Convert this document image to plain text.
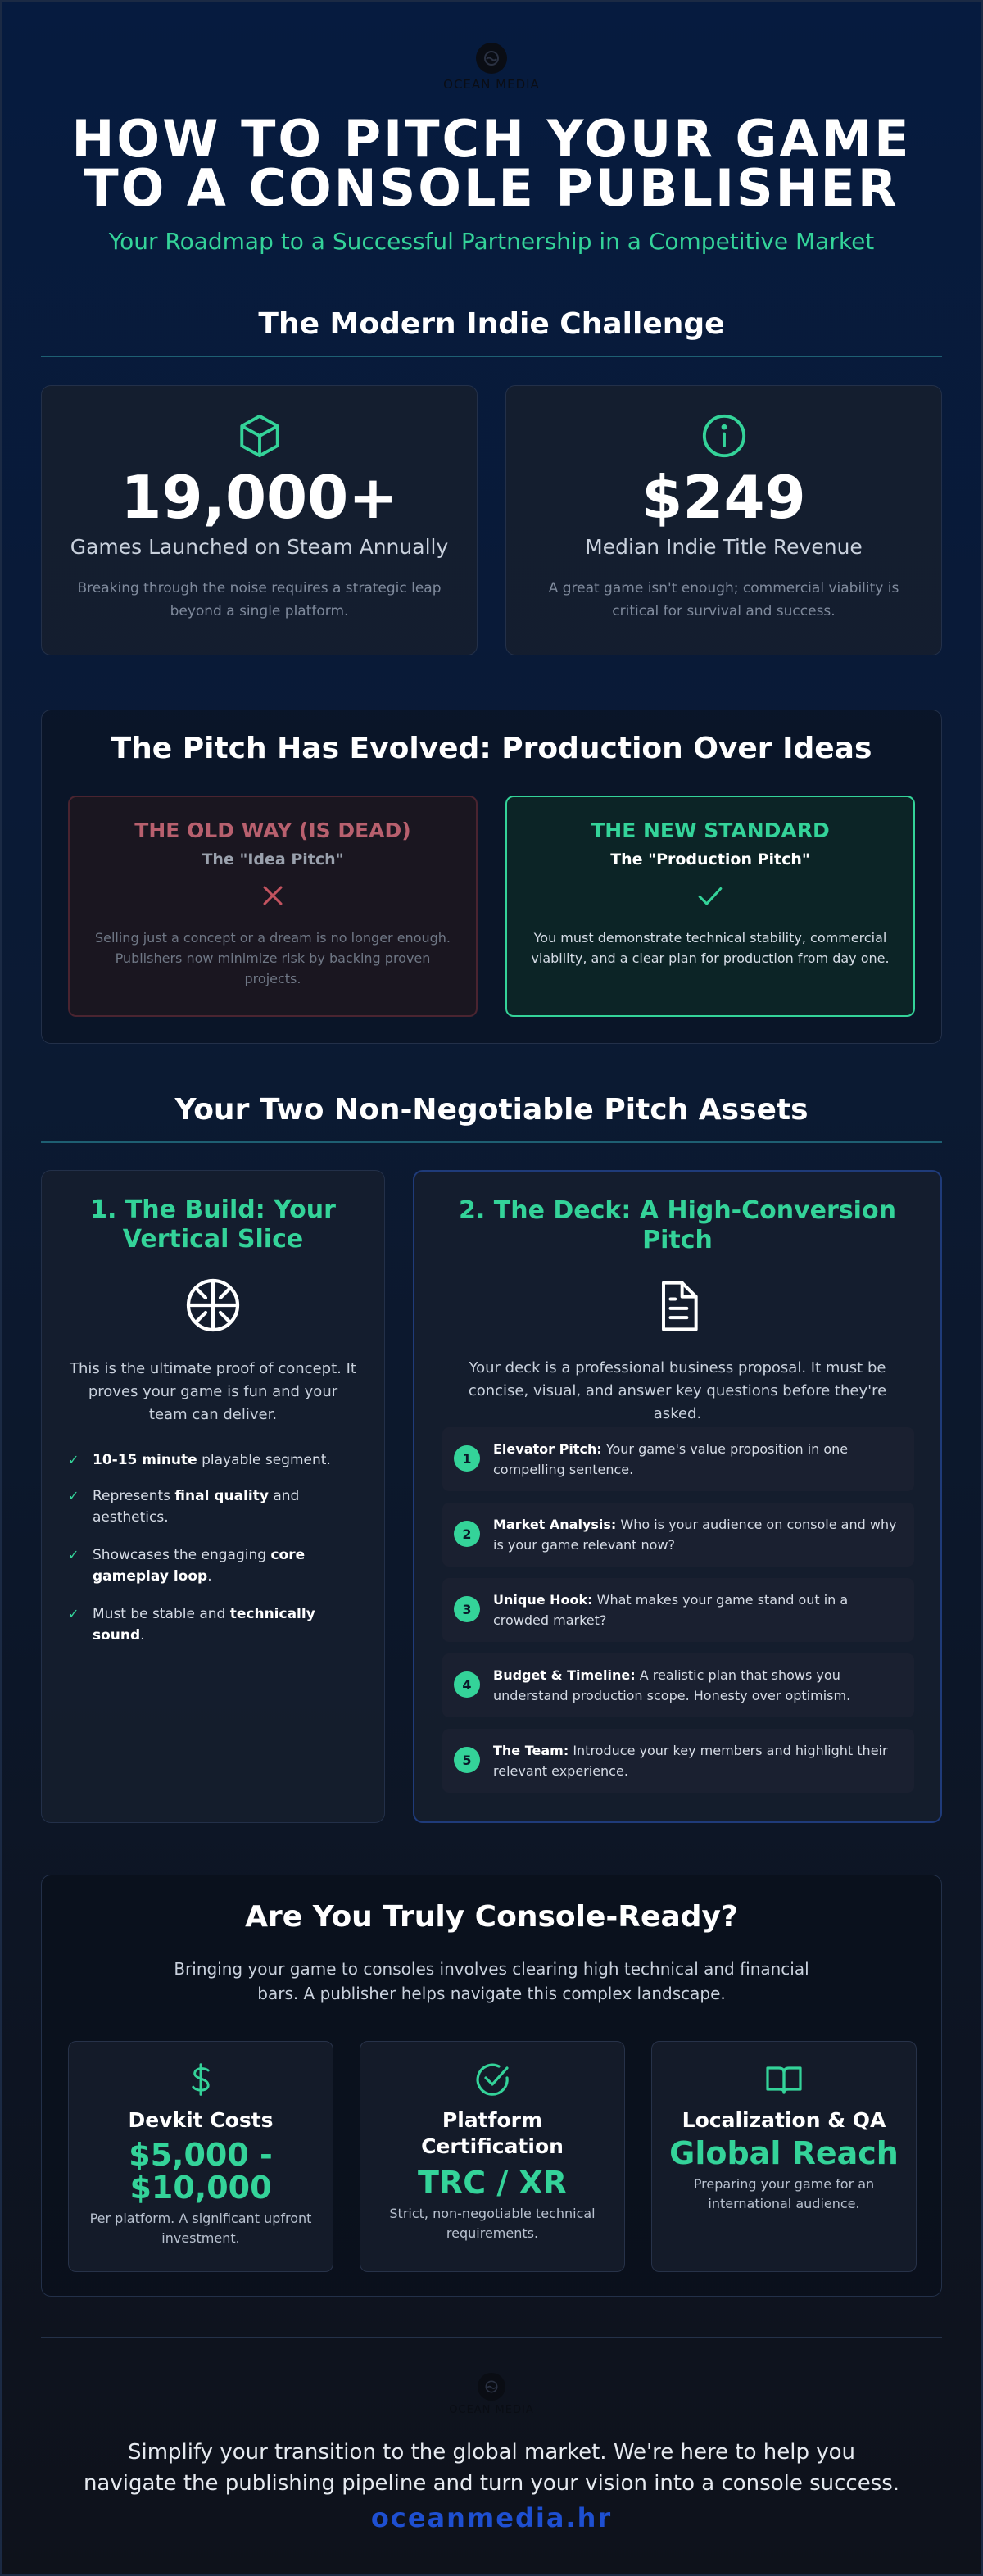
OCEAN MEDIA
HOW TO PITCH YOUR GAME
TO A CONSOLE PUBLISHER
Your Roadmap to a Successful Partnership in a Competitive Market
The Modern Indie Challenge
19,000+
Games Launched on Steam Annually
Breaking through the noise requires a strategic leap beyond a single platform.
$249
Median Indie Title Revenue
A great game isn't enough; commercial viability is critical for survival and success.
The Pitch Has Evolved: Production Over Ideas
THE OLD WAY (IS DEAD)
The "Idea Pitch"
Selling just a concept or a dream is no longer enough. Publishers now minimize risk by backing proven projects.
THE NEW STANDARD
The "Production Pitch"
You must demonstrate technical stability, commercial viability, and a clear plan for production from day one.
Your Two Non-Negotiable Pitch Assets
1. The Build: Your Vertical Slice
This is the ultimate proof of concept. It proves your game is fun and your team can deliver.
✓ 10-15 minute playable segment.
✓ Represents final quality and aesthetics.
✓ Showcases the engaging core gameplay loop.
✓ Must be stable and technically sound.
2. The Deck: A High-Conversion Pitch
Your deck is a professional business proposal. It must be concise, visual, and answer key questions before they're asked.
1
Elevator Pitch: Your game's value proposition in one compelling sentence.
2
Market Analysis: Who is your audience on console and why is your game relevant now?
3
Unique Hook: What makes your game stand out in a crowded market?
4
Budget & Timeline: A realistic plan that shows you understand production scope. Honesty over optimism.
5
The Team: Introduce your key members and highlight their relevant experience.
Are You Truly Console-Ready?
Bringing your game to consoles involves clearing high technical and financial bars. A publisher helps navigate this complex landscape.
Devkit Costs
$5,000 - $10,000
Per platform. A significant upfront investment.
Platform Certification
TRC / XR
Strict, non-negotiable technical requirements.
Localization & QA
Global Reach
Preparing your game for an international audience.
OCEAN MEDIA
Simplify your transition to the global market. We're here to help you navigate the publishing pipeline and turn your vision into a console success.
oceanmedia.hr
